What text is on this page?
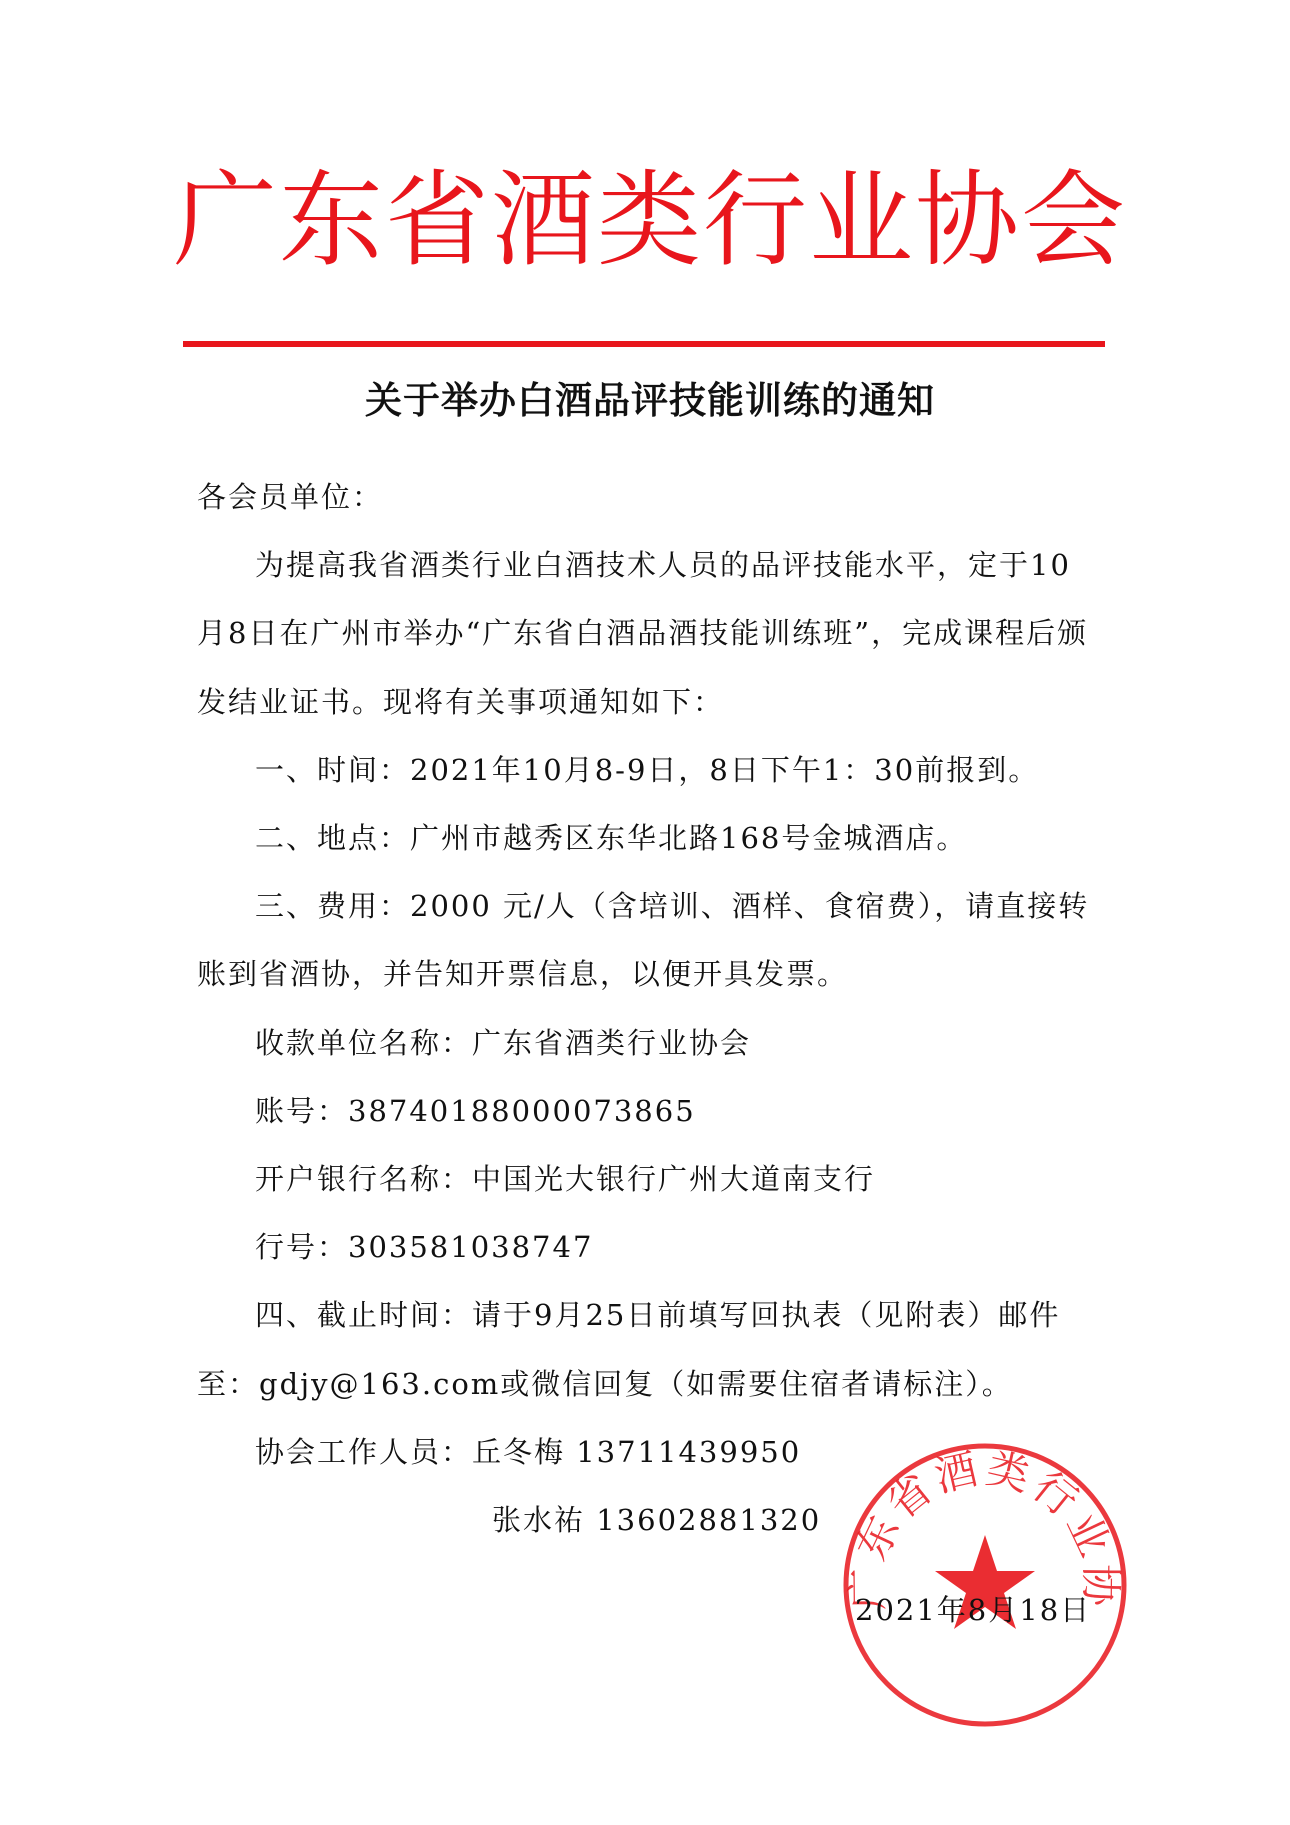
广东省酒类行业协会
关于举办白酒品评技能训练的通知

各会员单位：

为提高我省酒类行业白酒技术人员的品评技能水平，定于10月8日在广州市举办“广东省白酒品酒技能训练班”，完成课程后颁发结业证书。现将有关事项通知如下：

一、时间：2021年10月8-9日，8日下午1：30前报到。

二、地点：广州市越秀区东华北路168号金城酒店。

三、费用：2000 元/人（含培训、酒样、食宿费），请直接转账到省酒协，并告知开票信息，以便开具发票。

收款单位名称：广东省酒类行业协会

账号：38740188000073865

开户银行名称：中国光大银行广州大道南支行

行号：303581038747

四、截止时间：请于9月25日前填写回执表（见附表）邮件至：gdjy@163.com或微信回复（如需要住宿者请标注）。

协会工作人员：丘冬梅 13711439950

张水祐 13602881320

广东省酒类行业协
2021年8月18日
